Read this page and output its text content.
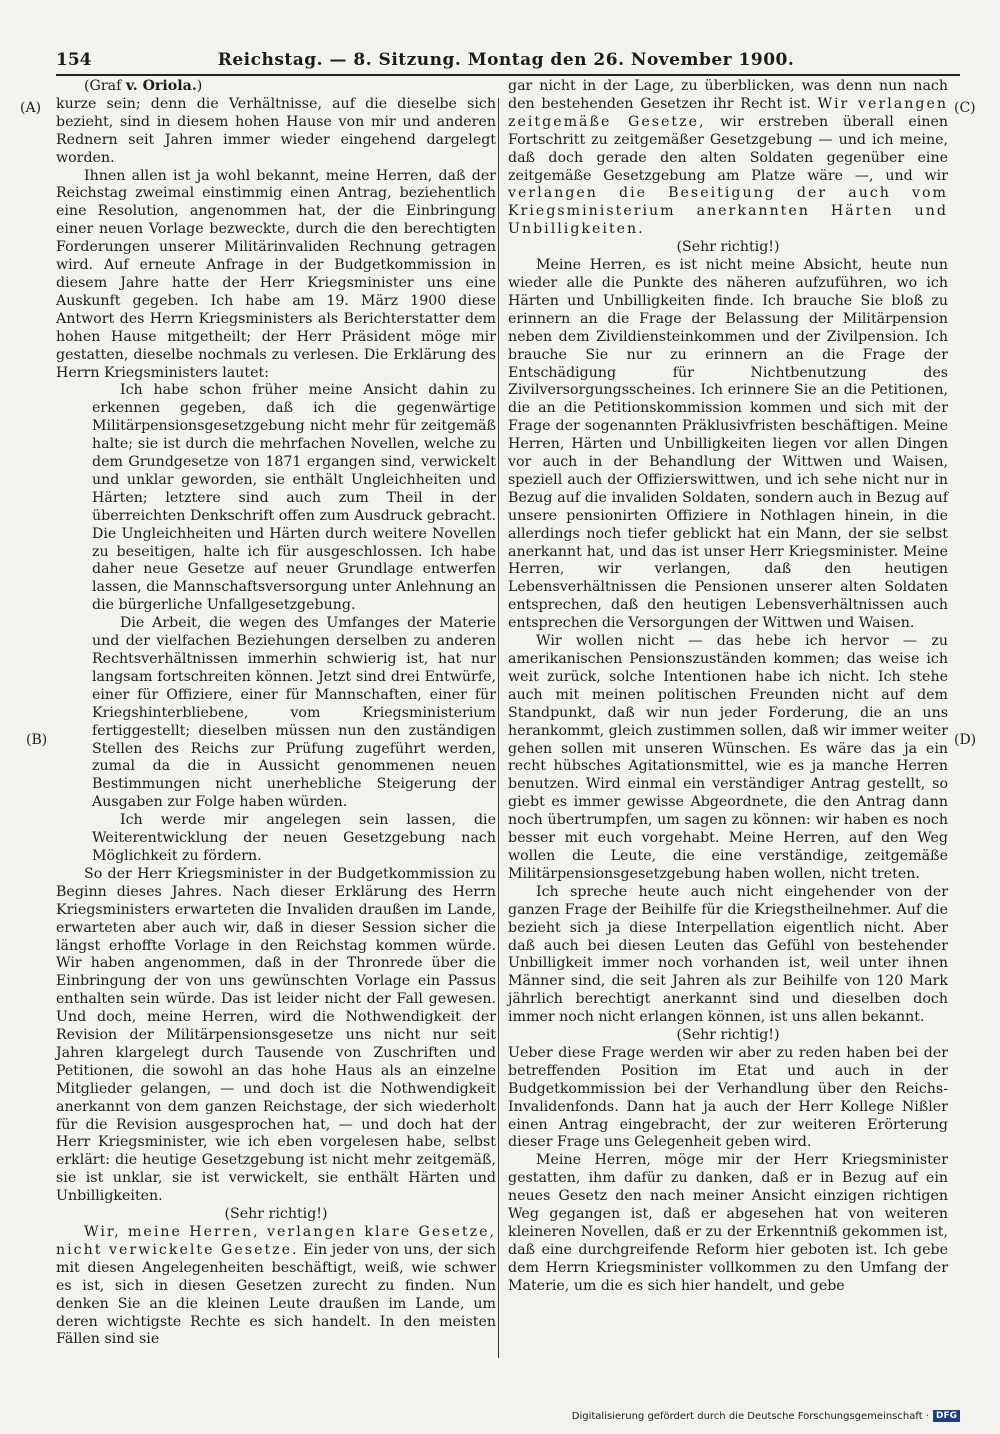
154	Reichstag. — 8. Sitzung. Montag den 26. November 1900.
(A)
(B)
(C)
(D)

(Graf v. Oriola.)

kurze sein; denn die Verhältnisse, auf die dieselbe sich bezieht, sind in diesem hohen Hause von mir und anderen Rednern seit Jahren immer wieder eingehend dargelegt worden.

Ihnen allen ist ja wohl bekannt, meine Herren, daß der Reichstag zweimal einstimmig einen Antrag, beziehentlich eine Resolution, angenommen hat, der die Einbringung einer neuen Vorlage bezweckte, durch die den berechtigten Forderungen unserer Militärinvaliden Rechnung getragen wird. Auf erneute Anfrage in der Budgetkommission in diesem Jahre hatte der Herr Kriegsminister uns eine Auskunft gegeben. Ich habe am 19. März 1900 diese Antwort des Herrn Kriegsministers als Berichterstatter dem hohen Hause mitgetheilt; der Herr Präsident möge mir gestatten, dieselbe nochmals zu verlesen. Die Erklärung des Herrn Kriegsministers lautet:

Ich habe schon früher meine Ansicht dahin zu erkennen gegeben, daß ich die gegenwärtige Militärpensionsgesetzgebung nicht mehr für zeitgemäß halte; sie ist durch die mehrfachen Novellen, welche zu dem Grundgesetze von 1871 ergangen sind, verwickelt und unklar geworden, sie enthält Ungleichheiten und Härten; letztere sind auch zum Theil in der überreichten Denkschrift offen zum Ausdruck gebracht. Die Ungleichheiten und Härten durch weitere Novellen zu beseitigen, halte ich für ausgeschlossen. Ich habe daher neue Gesetze auf neuer Grundlage entwerfen lassen, die Mannschaftsversorgung unter Anlehnung an die bürgerliche Unfallgesetzgebung.

Die Arbeit, die wegen des Umfanges der Materie und der vielfachen Beziehungen derselben zu anderen Rechtsverhältnissen immerhin schwierig ist, hat nur langsam fortschreiten können. Jetzt sind drei Entwürfe, einer für Offiziere, einer für Mannschaften, einer für Kriegshinterbliebene, vom Kriegsministerium fertiggestellt; dieselben müssen nun den zuständigen Stellen des Reichs zur Prüfung zugeführt werden, zumal da die in Aussicht genommenen neuen Bestimmungen nicht unerhebliche Steigerung der Ausgaben zur Folge haben würden.

Ich werde mir angelegen sein lassen, die Weiterentwicklung der neuen Gesetzgebung nach Möglichkeit zu fördern.

So der Herr Kriegsminister in der Budgetkommission zu Beginn dieses Jahres. Nach dieser Erklärung des Herrn Kriegsministers erwarteten die Invaliden draußen im Lande, erwarteten aber auch wir, daß in dieser Session sicher die längst erhoffte Vorlage in den Reichstag kommen würde. Wir haben angenommen, daß in der Thronrede über die Einbringung der von uns gewünschten Vorlage ein Passus enthalten sein würde. Das ist leider nicht der Fall gewesen. Und doch, meine Herren, wird die Nothwendigkeit der Revision der Militärpensionsgesetze uns nicht nur seit Jahren klargelegt durch Tausende von Zuschriften und Petitionen, die sowohl an das hohe Haus als an einzelne Mitglieder gelangen, — und doch ist die Nothwendigkeit anerkannt von dem ganzen Reichstage, der sich wiederholt für die Revision ausgesprochen hat, — und doch hat der Herr Kriegsminister, wie ich eben vorgelesen habe, selbst erklärt: die heutige Gesetzgebung ist nicht mehr zeitgemäß, sie ist unklar, sie ist verwickelt, sie enthält Härten und Unbilligkeiten.

(Sehr richtig!)

Wir, meine Herren, verlangen klare Gesetze, nicht verwickelte Gesetze. Ein jeder von uns, der sich mit diesen Angelegenheiten beschäftigt, weiß, wie schwer es ist, sich in diesen Gesetzen zurecht zu finden. Nun denken Sie an die kleinen Leute draußen im Lande, um deren wichtigste Rechte es sich handelt. In den meisten Fällen sind sie

gar nicht in der Lage, zu überblicken, was denn nun nach den bestehenden Gesetzen ihr Recht ist. Wir verlangen zeitgemäße Gesetze, wir erstreben überall einen Fortschritt zu zeitgemäßer Gesetzgebung — und ich meine, daß doch gerade den alten Soldaten gegenüber eine zeitgemäße Gesetzgebung am Platze wäre —, und wir verlangen die Beseitigung der auch vom Kriegsministerium anerkannten Härten und Unbilligkeiten.

(Sehr richtig!)

Meine Herren, es ist nicht meine Absicht, heute nun wieder alle die Punkte des näheren aufzuführen, wo ich Härten und Unbilligkeiten finde. Ich brauche Sie bloß zu erinnern an die Frage der Belassung der Militärpension neben dem Zivildiensteinkommen und der Zivilpension. Ich brauche Sie nur zu erinnern an die Frage der Entschädigung für Nichtbenutzung des Zivilversorgungsscheines. Ich erinnere Sie an die Petitionen, die an die Petitionskommission kommen und sich mit der Frage der sogenannten Präklusivfristen beschäftigen. Meine Herren, Härten und Unbilligkeiten liegen vor allen Dingen vor auch in der Behandlung der Wittwen und Waisen, speziell auch der Offizierswittwen, und ich sehe nicht nur in Bezug auf die invaliden Soldaten, sondern auch in Bezug auf unsere pensionirten Offiziere in Nothlagen hinein, in die allerdings noch tiefer geblickt hat ein Mann, der sie selbst anerkannt hat, und das ist unser Herr Kriegsminister. Meine Herren, wir verlangen, daß den heutigen Lebensverhältnissen die Pensionen unserer alten Soldaten entsprechen, daß den heutigen Lebensverhältnissen auch entsprechen die Versorgungen der Wittwen und Waisen.

Wir wollen nicht — das hebe ich hervor — zu amerikanischen Pensionszuständen kommen; das weise ich weit zurück, solche Intentionen habe ich nicht. Ich stehe auch mit meinen politischen Freunden nicht auf dem Standpunkt, daß wir nun jeder Forderung, die an uns herankommt, gleich zustimmen sollen, daß wir immer weiter gehen sollen mit unseren Wünschen. Es wäre das ja ein recht hübsches Agitationsmittel, wie es ja manche Herren benutzen. Wird einmal ein verständiger Antrag gestellt, so giebt es immer gewisse Abgeordnete, die den Antrag dann noch übertrumpfen, um sagen zu können: wir haben es noch besser mit euch vorgehabt. Meine Herren, auf den Weg wollen die Leute, die eine verständige, zeitgemäße Militärpensionsgesetzgebung haben wollen, nicht treten.

Ich spreche heute auch nicht eingehender von der ganzen Frage der Beihilfe für die Kriegstheilnehmer. Auf die bezieht sich ja diese Interpellation eigentlich nicht. Aber daß auch bei diesen Leuten das Gefühl von bestehender Unbilligkeit immer noch vorhanden ist, weil unter ihnen Männer sind, die seit Jahren als zur Beihilfe von 120 Mark jährlich berechtigt anerkannt sind und dieselben doch immer noch nicht erlangen können, ist uns allen bekannt.

(Sehr richtig!)

Ueber diese Frage werden wir aber zu reden haben bei der betreffenden Position im Etat und auch in der Budgetkommission bei der Verhandlung über den Reichs-Invalidenfonds. Dann hat ja auch der Herr Kollege Nißler einen Antrag eingebracht, der zur weiteren Erörterung dieser Frage uns Gelegenheit geben wird.

Meine Herren, möge mir der Herr Kriegsminister gestatten, ihm dafür zu danken, daß er in Bezug auf ein neues Gesetz den nach meiner Ansicht einzigen richtigen Weg gegangen ist, daß er abgesehen hat von weiteren kleineren Novellen, daß er zu der Erkenntniß gekommen ist, daß eine durchgreifende Reform hier geboten ist. Ich gebe dem Herrn Kriegsminister vollkommen zu den Umfang der Materie, um die es sich hier handelt, und gebe

Digitalisierung gefördert durch die Deutsche Forschungsgemeinschaft · DFG
